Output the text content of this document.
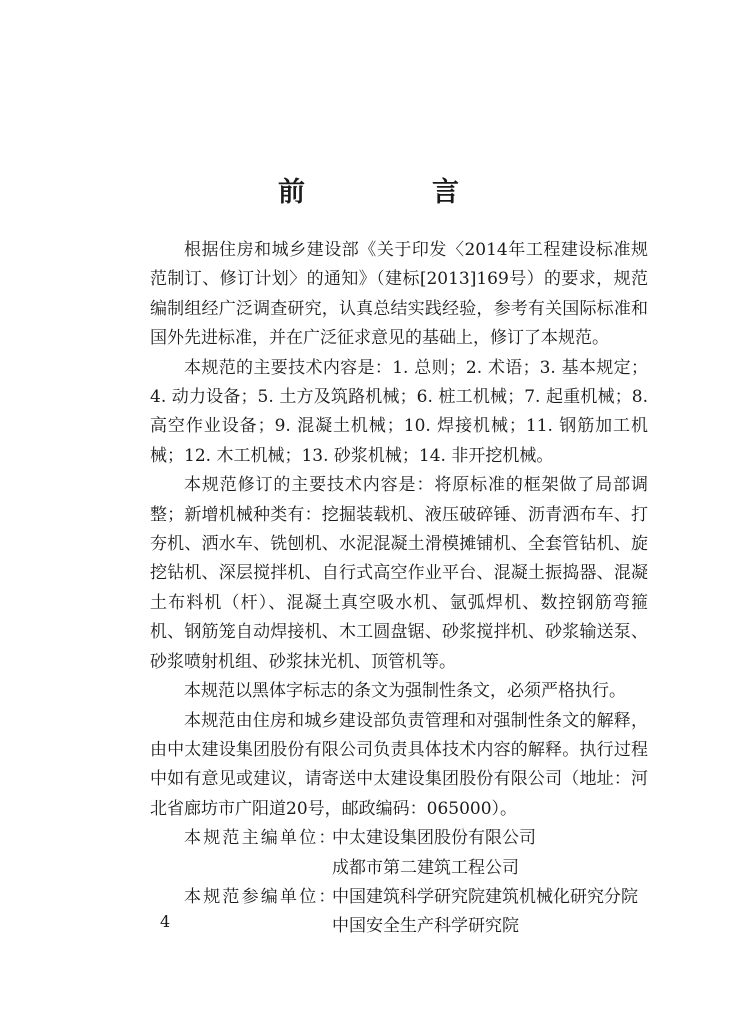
前　言

根据住房和城乡建设部《关于印发〈2014年工程建设标准规范制订、修订计划〉的通知》（建标[2013]169号）的要求，规范编制组经广泛调查研究，认真总结实践经验，参考有关国际标准和国外先进标准，并在广泛征求意见的基础上，修订了本规范。

本规范的主要技术内容是：1. 总则；2. 术语；3. 基本规定；4. 动力设备；5. 土方及筑路机械；6. 桩工机械；7. 起重机械；8. 高空作业设备；9. 混凝土机械；10. 焊接机械；11. 钢筋加工机械；12. 木工机械；13. 砂浆机械；14. 非开挖机械。

本规范修订的主要技术内容是：将原标准的框架做了局部调整；新增机械种类有：挖掘装载机、液压破碎锤、沥青洒布车、打夯机、洒水车、铣刨机、水泥混凝土滑模摊铺机、全套管钻机、旋挖钻机、深层搅拌机、自行式高空作业平台、混凝土振捣器、混凝土布料机（杆）、混凝土真空吸水机、氩弧焊机、数控钢筋弯箍机、钢筋笼自动焊接机、木工圆盘锯、砂浆搅拌机、砂浆输送泵、砂浆喷射机组、砂浆抹光机、顶管机等。

本规范以黑体字标志的条文为强制性条文，必须严格执行。

本规范由住房和城乡建设部负责管理和对强制性条文的解释，由中太建设集团股份有限公司负责具体技术内容的解释。执行过程中如有意见或建议，请寄送中太建设集团股份有限公司（地址：河北省廊坊市广阳道20号，邮政编码：065000）。

本规范主编单位：
中太建设集团股份有限公司
成都市第二建筑工程公司
本规范参编单位：
中国建筑科学研究院建筑机械化研究分院
中国安全生产科学研究院
4
